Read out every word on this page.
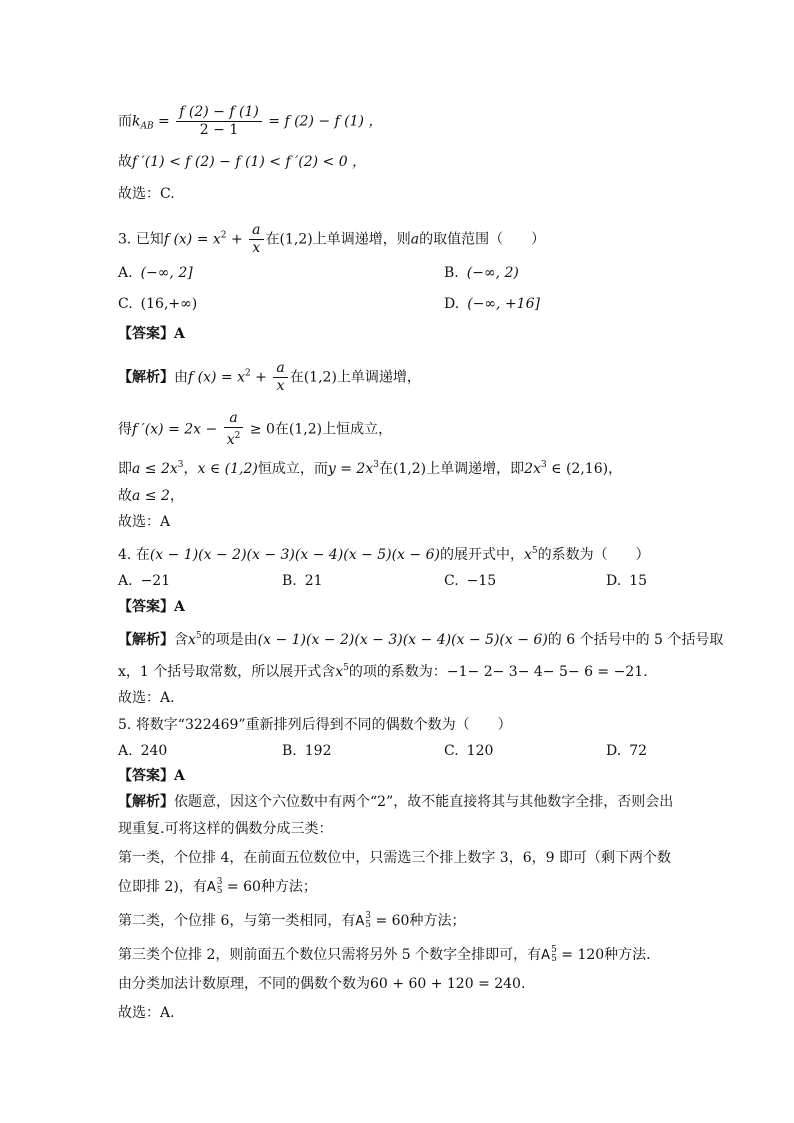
而$k_{AB} = \frac{f (2) - f (1)}{2 - 1} = f$ (2) − f (1) ，
故f ′(1) < f (2) − f (1) < f ′(2) < 0 ，
故选：C.
3. 已知f $(x) = x^2 + \frac{a}{x}$ 在(1,2)上单调递增，则a的取值范围（　　）
A. (−∞, 2]	B. (−∞, 2)
C. (16,+∞)	D. (−∞, +16]
【答案】A
【解析】由f $(x) = x^2 + \frac{a}{x}$ 在(1,2)上单调递增，
得f $'(x) = 2x - \frac{a}{x^2} \ge 0$在(1,2)上恒成立，
即$a \le 2x^3$，x ∈ (1,2)恒成立，而$y = 2x^3$在(1,2)上单调递增，即$2x^3$ ∈ (2,16)，
故a ≤ 2，
故选：A
4. 在(x − 1)(x − 2)(x − 3)(x − 4)(x − 5)(x − 6)的展开式中，$x^5$的系数为（　　）
A. −21	B. 21	C. −15	D. 15
【答案】A
【解析】含$x^5$的项是由(x − 1)(x − 2)(x − 3)(x − 4)(x − 5)(x − 6)的 6 个括号中的 5 个括号取
x，1 个括号取常数，所以展开式含$x^5$的项的系数为：−1− 2− 3− 4− 5− 6 = −21.
故选：A.
5. 将数字“322469”重新排列后得到不同的偶数个数为（　　）
A. 240	B. 192	C. 120	D. 72
【答案】A
【解析】依题意，因这个六位数中有两个“2”，故不能直接将其与其他数字全排，否则会出
现重复.可将这样的偶数分成三类：
第一类，个位排 4，在前面五位数位中，只需选三个排上数字 3，6，9 即可（剩下两个数
位即排 2)，有A 3
5 = 60种方法；
第二类，个位排 6，与第一类相同，有A 3
5 = 60种方法；
第三类个位排 2，则前面五个数位只需将另外 5 个数字全排即可，有A 5
5 = 120种方法.
由分类加法计数原理，不同的偶数个数为60 + 60 + 120 = 240.
故选：A.
